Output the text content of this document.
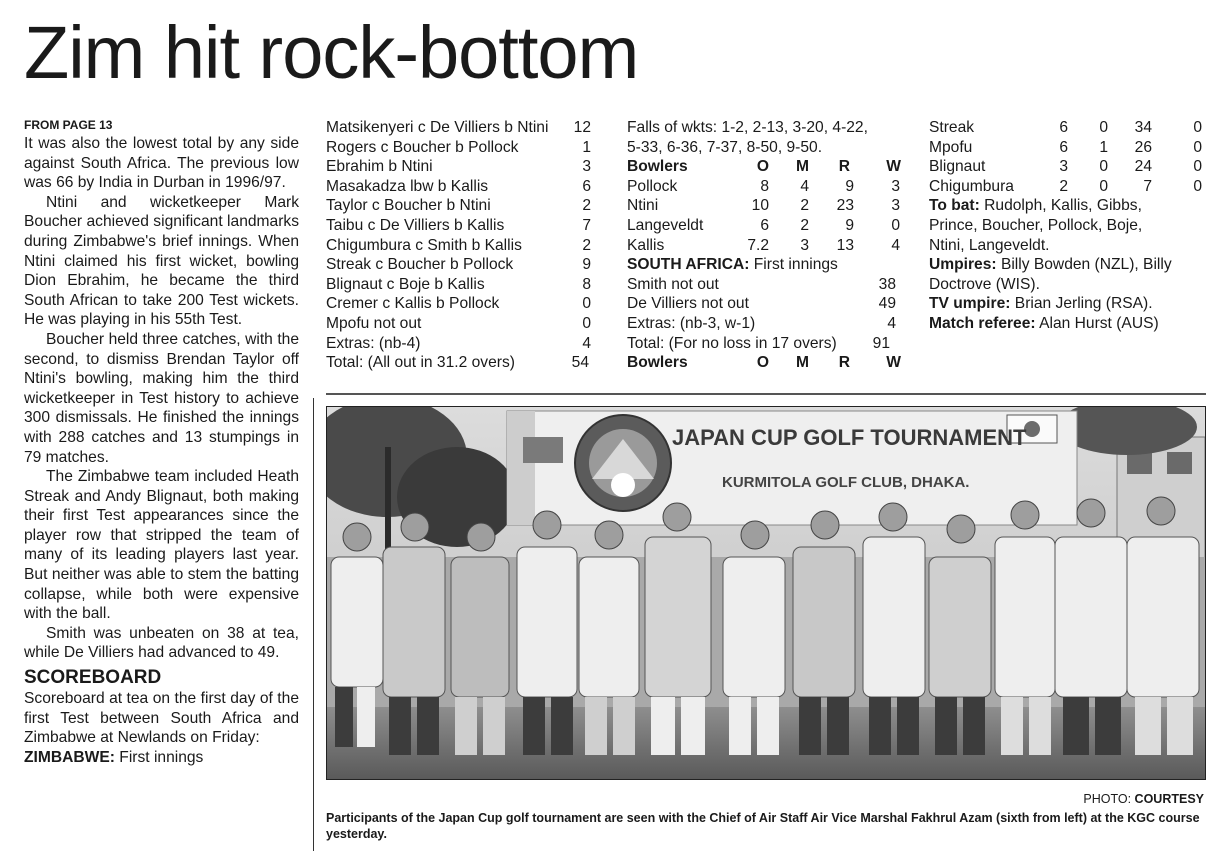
Zim hit rock-bottom

FROM PAGE 13

It was also the lowest total by any side against South Africa. The previous low was 66 by India in Durban in 1996/97.

Ntini and wicketkeeper Mark Boucher achieved significant landmarks during Zimbabwe's brief innings. When Ntini claimed his first wicket, bowling Dion Ebrahim, he became the third South African to take 200 Test wickets. He was playing in his 55th Test.

Boucher held three catches, with the second, to dismiss Brendan Taylor off Ntini's bowling, making him the third wicketkeeper in Test history to achieve 300 dismissals. He finished the innings with 288 catches and 13 stumpings in 79 matches.

The Zimbabwe team included Heath Streak and Andy Blignaut, both making their first Test appearances since the player row that stripped the team of many of its leading players last year. But neither was able to stem the batting collapse, while both were expensive with the ball.

Smith was unbeaten on 38 at tea, while De Villiers had advanced to 49.

SCOREBOARD

Scoreboard at tea on the first day of the first Test between South Africa and Zimbabwe at Newlands on Friday:

ZIMBABWE: First innings

Matsikenyeri c De Villiers b Ntini 12
Rogers c Boucher b Pollock	1
Ebrahim b Ntini	3
Masakadza lbw b Kallis	6
Taylor c Boucher b Ntini	2
Taibu c De Villiers b Kallis	7
Chigumbura c Smith b Kallis	2
Streak c Boucher b Pollock	9
Blignaut c Boje b Kallis	8
Cremer c Kallis b Pollock	0
Mpofu not out	0
Extras: (nb-4)	4
Total: (All out in 31.2 overs)	54
Falls of wkts: 1-2, 2-13, 3-20, 4-22,
5-33, 6-36, 7-37, 8-50, 9-50.
Bowlers	O M R W
Pollock	8 4 9 3
Ntini	10 2 23 3
Langeveldt	6 2 9 0
Kallis	7.2 3 13 4
SOUTH AFRICA: First innings
Smith not out	38
De Villiers not out	49
Extras: (nb-3, w-1)	4
Total: (For no loss in 17 overs) 91
Bowlers	O M R W
Streak	6 0 34	0
Mpofu	6 1 26	0
Blignaut	3 0 24	0
Chigumbura	2 0 7	0
To bat: Rudolph, Kallis, Gibbs,
Prince, Boucher, Pollock, Boje,
Ntini, Langeveldt.
Umpires: Billy Bowden (NZL), Billy
Doctrove (WIS).
TV umpire: Brian Jerling (RSA).
Match referee: Alan Hurst (AUS)
JAPAN CUP GOLF TOURNAMENT
KURMITOLA GOLF CLUB, DHAKA.
PHOTO: COURTESY
Participants of the Japan Cup golf tournament are seen with the Chief of Air Staff Air Vice Marshal Fakhrul Azam (sixth from left) at the KGC course yesterday.
